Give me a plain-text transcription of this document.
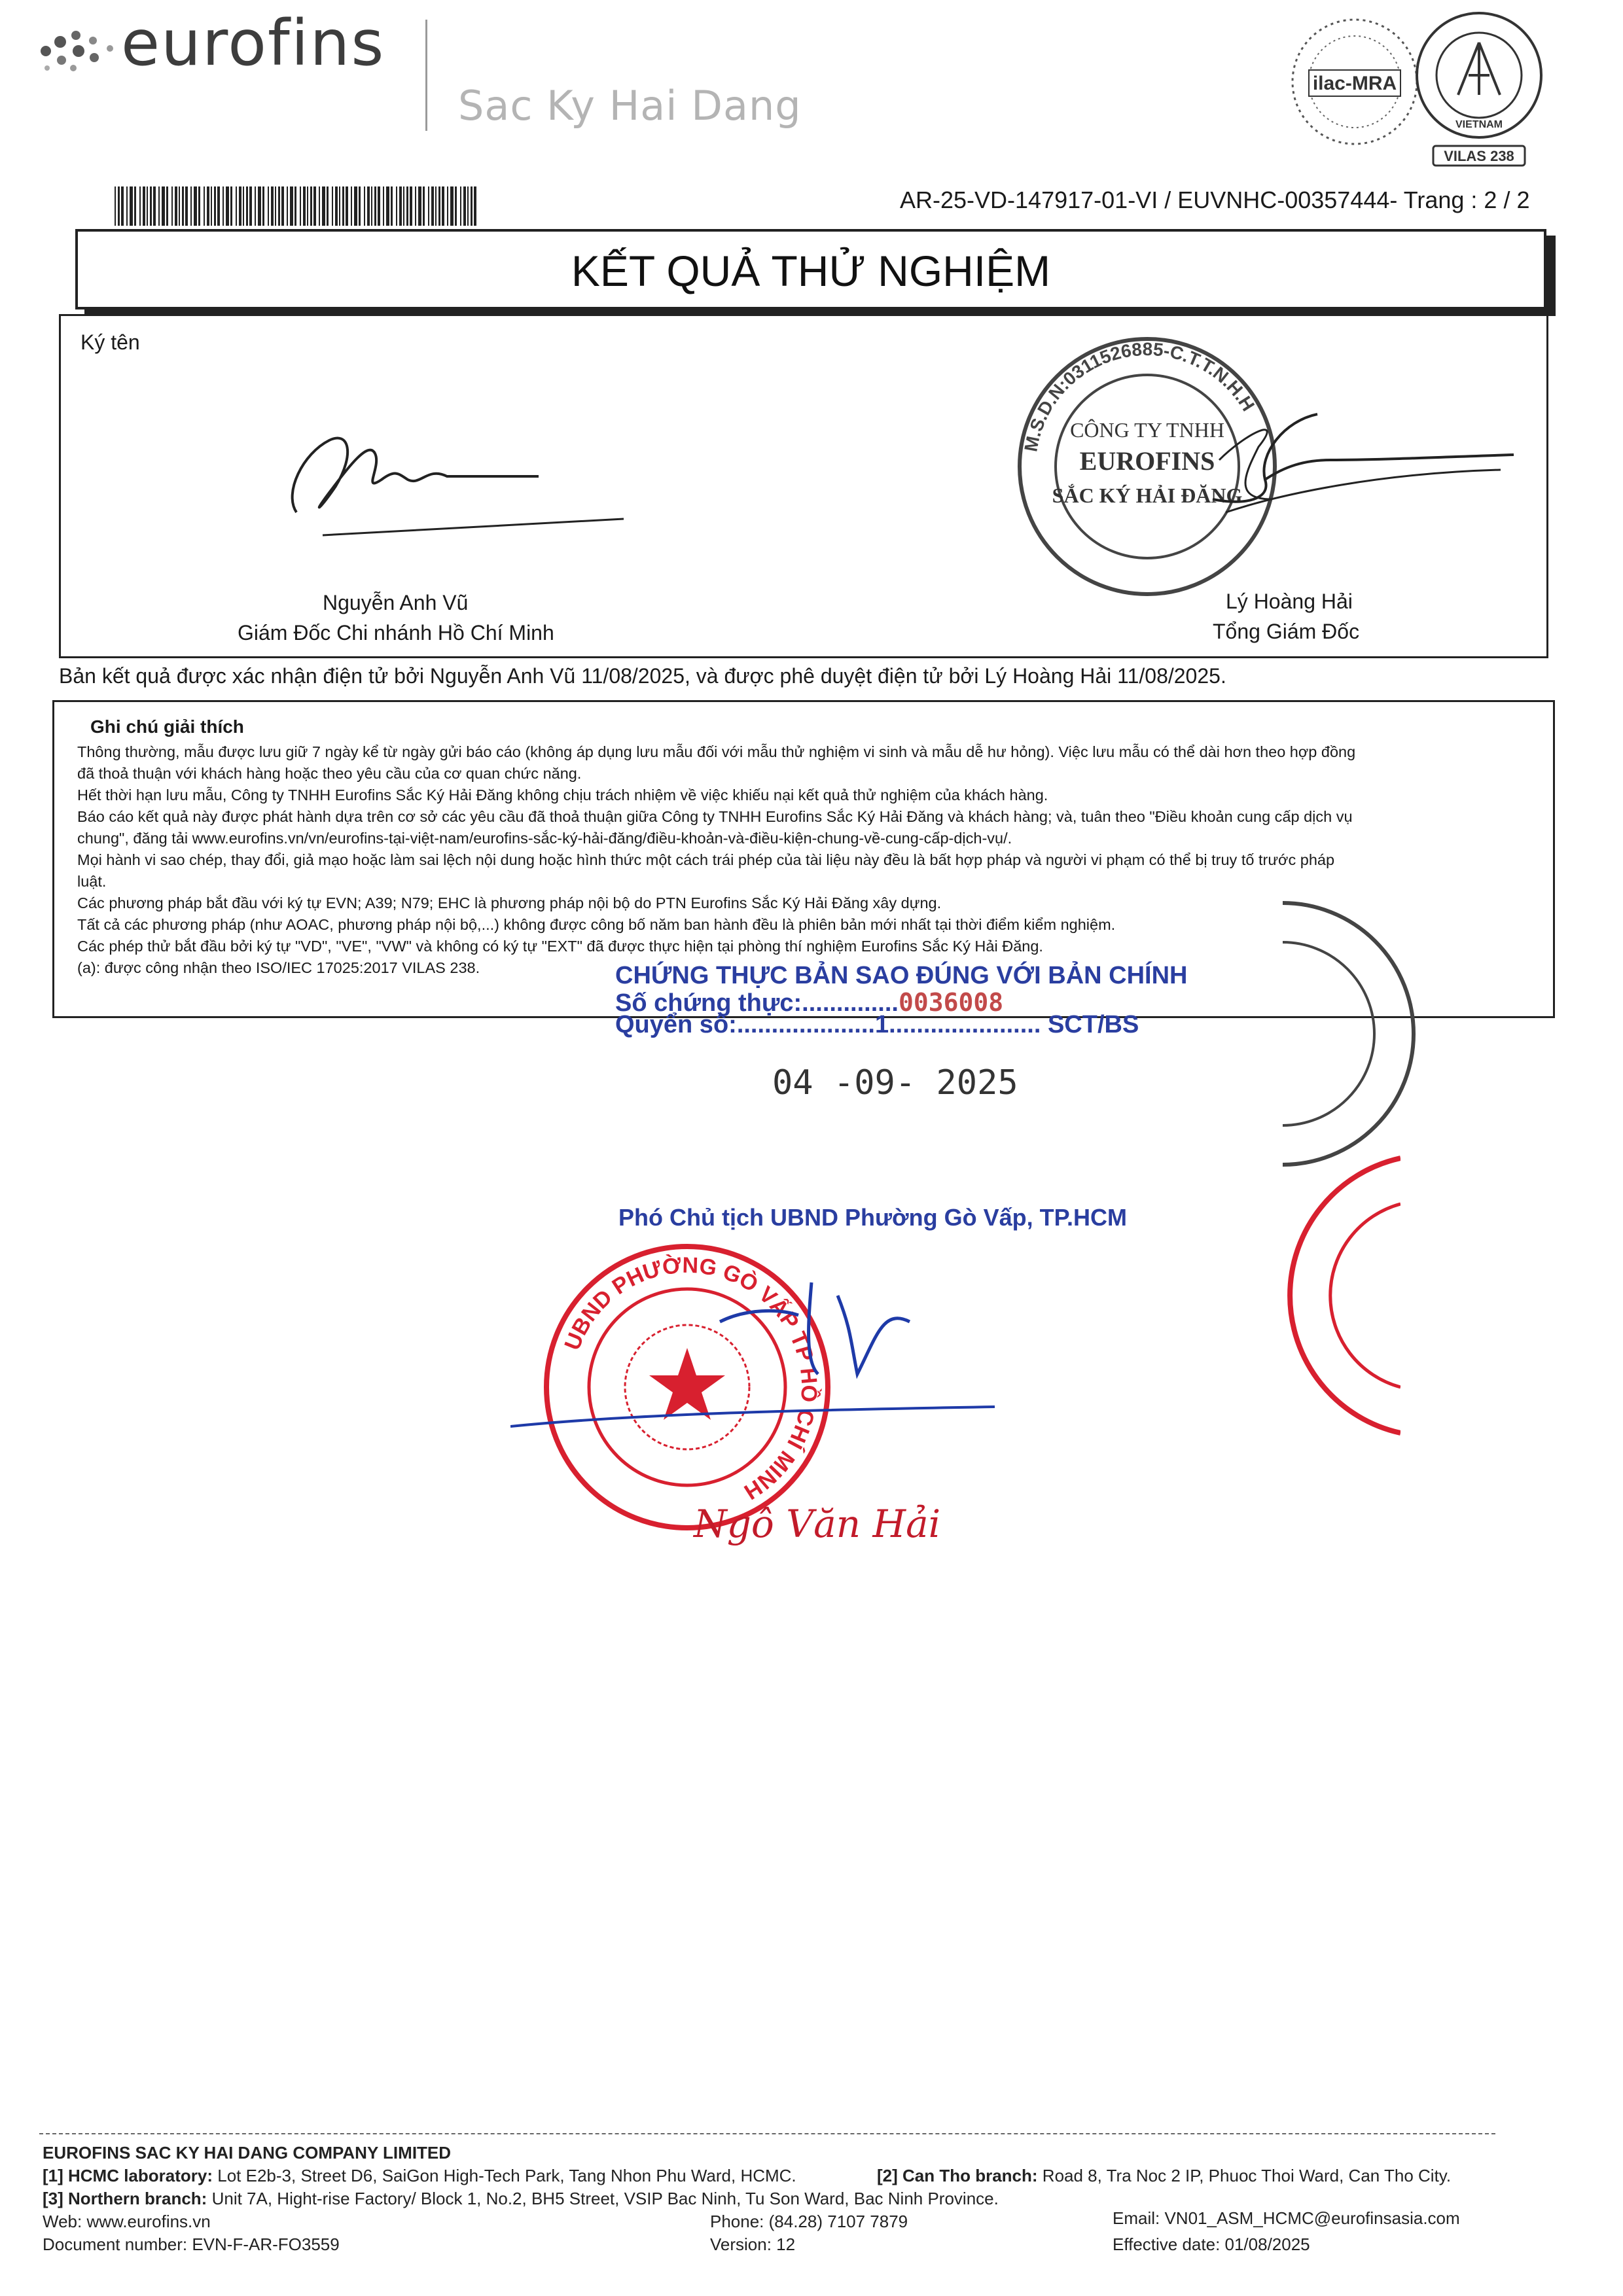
eurofins
Sac Ky Hai Dang	ilac-MRA
VIETNAM
VILAS 238
AR-25-VD-147917-01-VI / EUVNHC-00357444- Trang : 2 / 2
KẾT QUẢ THỬ NGHIỆM
Ký tên
Nguyễn Anh Vũ
Giám Đốc Chi nhánh Hồ Chí Minh
M.S.D.N:0311526885-C.T.T.N.H.H
CÔNG TY TNHH
EUROFINS
SẮC KÝ HẢI ĐĂNG
Lý Hoàng Hải
Tổng Giám Đốc
Bản kết quả được xác nhận điện tử bởi Nguyễn Anh Vũ 11/08/2025, và được phê duyệt điện tử bởi Lý Hoàng Hải 11/08/2025.
Ghi chú giải thích
Thông thường, mẫu được lưu giữ 7 ngày kể từ ngày gửi báo cáo (không áp dụng lưu mẫu đối với mẫu thử nghiệm vi sinh và mẫu dễ hư hỏng). Việc lưu mẫu có thể dài hơn theo hợp đồng
đã thoả thuận với khách hàng hoặc theo yêu cầu của cơ quan chức năng.
Hết thời hạn lưu mẫu, Công ty TNHH Eurofins Sắc Ký Hải Đăng không chịu trách nhiệm về việc khiếu nại kết quả thử nghiệm của khách hàng.
Báo cáo kết quả này được phát hành dựa trên cơ sở các yêu cầu đã thoả thuận giữa Công ty TNHH Eurofins Sắc Ký Hải Đăng và khách hàng; và, tuân theo "Điều khoản cung cấp dịch vụ
chung", đăng tải www.eurofins.vn/vn/eurofins-tại-việt-nam/eurofins-sắc-ký-hải-đăng/điều-khoản-và-điều-kiện-chung-về-cung-cấp-dịch-vụ/.
Mọi hành vi sao chép, thay đổi, giả mạo hoặc làm sai lệch nội dung hoặc hình thức một cách trái phép của tài liệu này đều là bất hợp pháp và người vi phạm có thể bị truy tố trước pháp
luật.
Các phương pháp bắt đầu với ký tự EVN; A39; N79; EHC là phương pháp nội bộ do PTN Eurofins Sắc Ký Hải Đăng xây dựng.
Tất cả các phương pháp (như AOAC, phương pháp nội bộ,...) không được công bố năm ban hành đều là phiên bản mới nhất tại thời điểm kiểm nghiệm.
Các phép thử bắt đầu bởi ký tự "VD", "VE", "VW" và không có ký tự "EXT" đã được thực hiện tại phòng thí nghiệm Eurofins Sắc Ký Hải Đăng.
(a): được công nhận theo ISO/IEC 17025:2017 VILAS 238.	CHỨNG THỰC BẢN SAO ĐÚNG VỚI BẢN CHÍNH
Số chứng thực:..............0036008
Quyển số:....................1...................... SCT/BS
04 -09- 2025
Phó Chủ tịch UBND Phường Gò Vấp, TP.HCM
UBND PHƯỜNG GÒ VẤP TP HỒ CHÍ MINH
Ngô Văn Hải
EUROFINS SAC KY HAI DANG COMPANY LIMITED
[1] HCMC laboratory: Lot E2b-3, Street D6, SaiGon High-Tech Park, Tang Nhon Phu Ward, HCMC.	[2] Can Tho branch: Road 8, Tra Noc 2 IP, Phuoc Thoi Ward, Can Tho City.
[3] Northern branch: Unit 7A, Hight-rise Factory/ Block 1, No.2, BH5 Street, VSIP Bac Ninh, Tu Son Ward, Bac Ninh Province.
Web: www.eurofins.vn	Phone: (84.28) 7107 7879	Email: VN01_ASM_HCMC@eurofinsasia.com
Document number: EVN-F-AR-FO3559	Version: 12	Effective date: 01/08/2025
